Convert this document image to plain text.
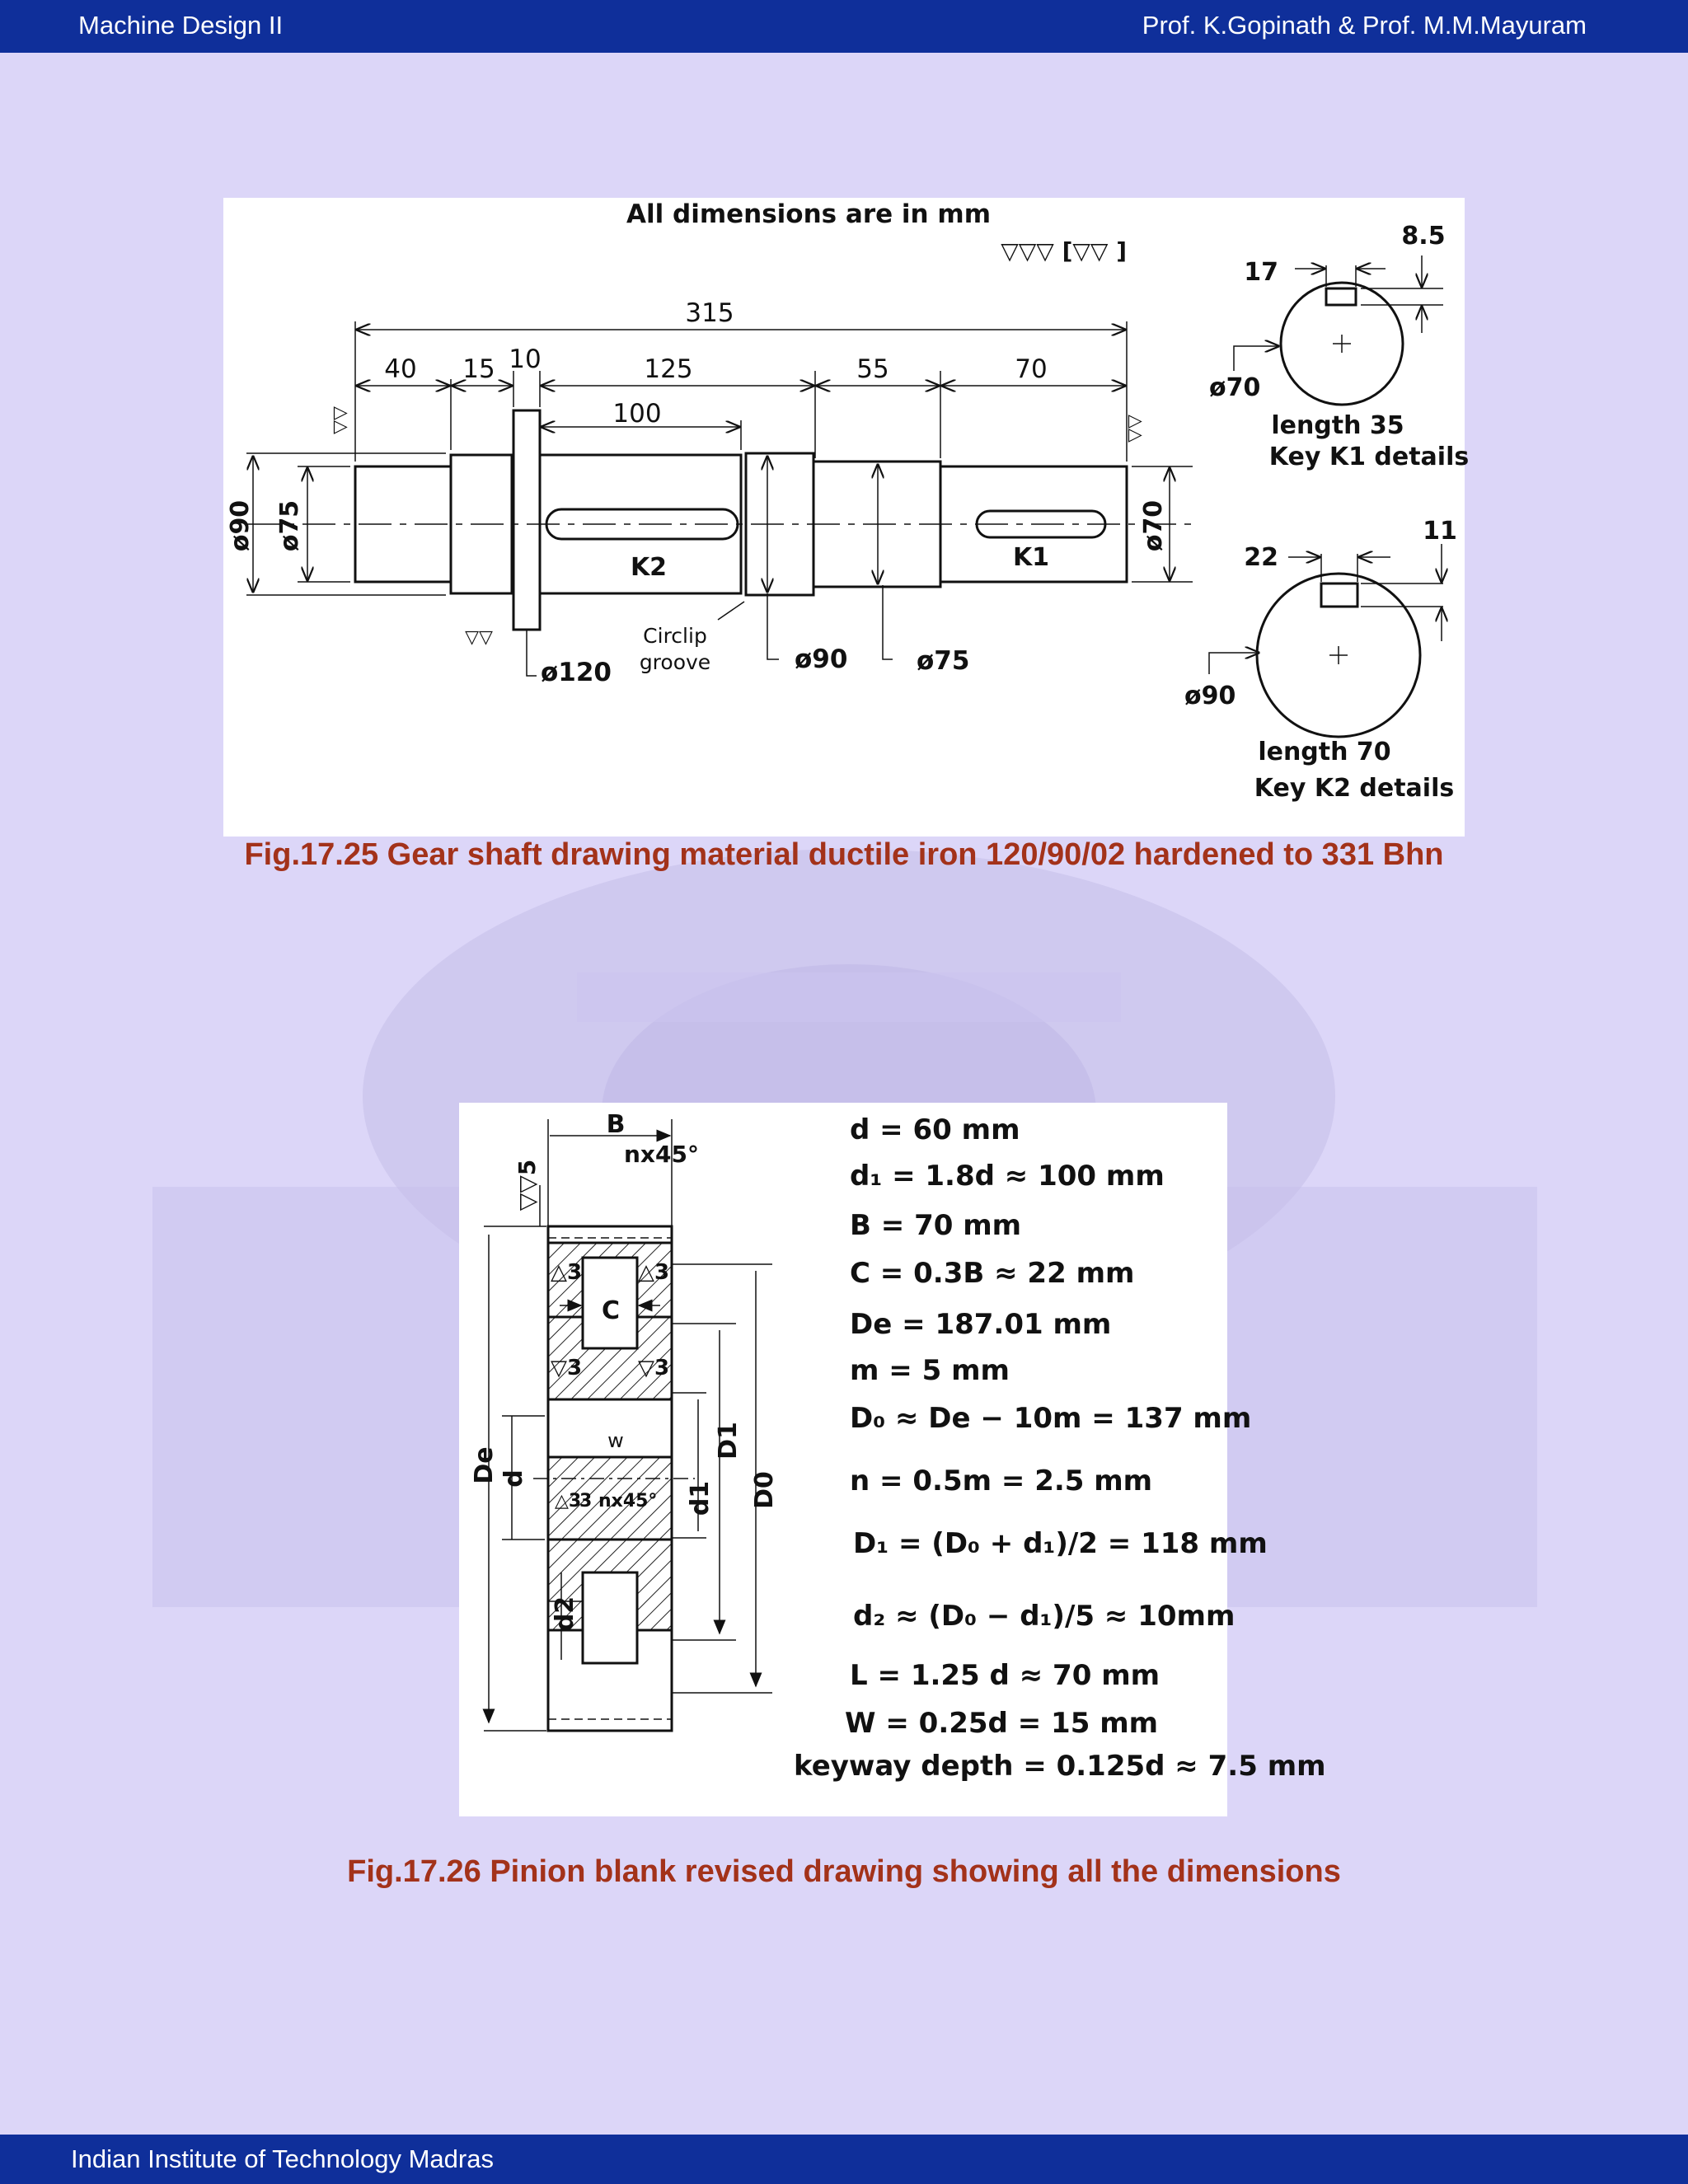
Machine Design II	Prof. K.Gopinath & Prof. M.M.Mayuram
All dimensions are in mm
▽▽▽ [▽▽ ]
315
40 15 10	125	55	70
100
ø90 ø75	ø70
ø120	ø90	ø75
K2	K1
Circlip
groove
▽▽	▽▽
▽▽
17
8.5
ø70
length 35
Key K1 details
22
11
ø90
length 70
Key K2 details
Fig.17.25 Gear shaft drawing material ductile iron 120/90/02 hardened to 331 Bhn
B
nx45°
▽▽5
△3	△3
▽3	▽3
C
w
△3
3 nx45°
De d
d1
D1
D0
d2
d = 60 mm
d₁ = 1.8d ≈ 100 mm
B = 70 mm
C = 0.3B ≈ 22 mm
De = 187.01 mm
m = 5 mm
D₀ ≈ De − 10m = 137 mm
n = 0.5m = 2.5 mm
D₁ = (D₀ + d₁)/2 = 118 mm
d₂ ≈ (D₀ − d₁)/5 ≈ 10mm
L = 1.25 d ≈ 70 mm
W = 0.25d = 15 mm
keyway depth = 0.125d ≈ 7.5 mm
Fig.17.26 Pinion blank revised drawing showing all the dimensions
Indian Institute of Technology Madras
